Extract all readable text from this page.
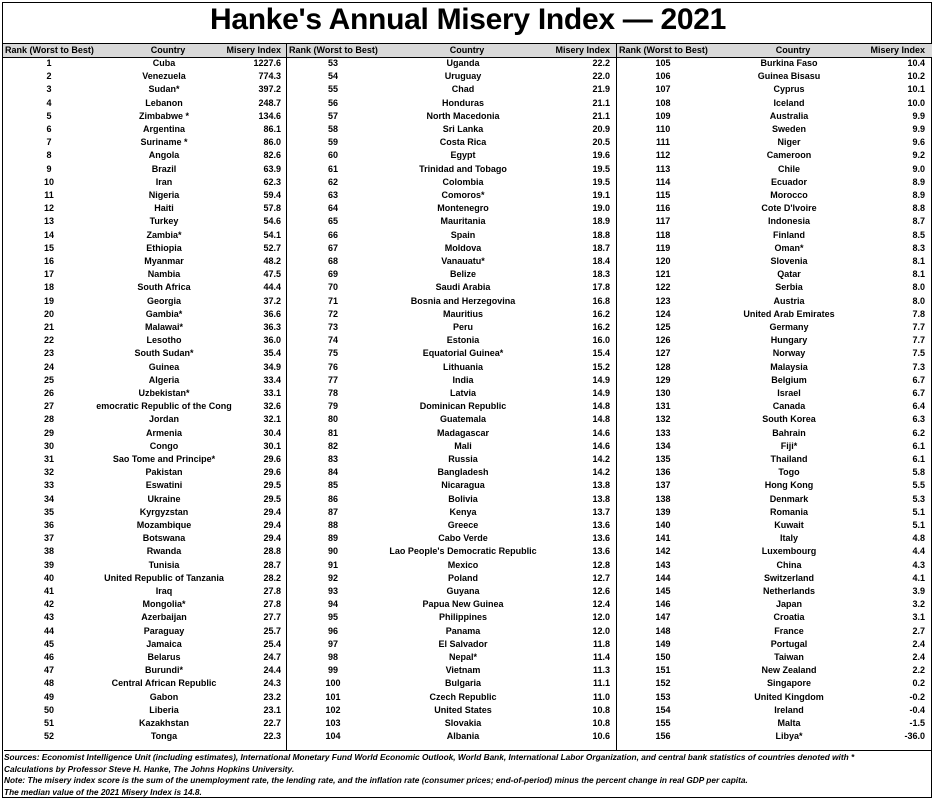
Hanke's Annual Misery Index — 2021
1	Cuba	1227.6
2	Venezuela	774.3
3	Sudan*	397.2
4	Lebanon	248.7
5	Zimbabwe *	134.6
6	Argentina	86.1
7	Suriname *	86.0
8	Angola	82.6
9	Brazil	63.9
10	Iran	62.3
11	Nigeria	59.4
12	Haiti	57.8
13	Turkey	54.6
14	Zambia*	54.1
15	Ethiopia	52.7
16	Myanmar	48.2
17	Nambia	47.5
18	South Africa	44.4
19	Georgia	37.2
20	Gambia*	36.6
21	Malawai*	36.3
22	Lesotho	36.0
23	South Sudan*	35.4
24	Guinea	34.9
25	Algeria	33.4
26	Uzbekistan*	33.1
27	emocratic Republic of the Cong	32.6
28	Jordan	32.1
29	Armenia	30.4
30	Congo	30.1
31	Sao Tome and Principe*	29.6
32	Pakistan	29.6
33	Eswatini	29.5
34	Ukraine	29.5
35	Kyrgyzstan	29.4
36	Mozambique	29.4
37	Botswana	29.4
38	Rwanda	28.8
39	Tunisia	28.7
40	United Republic of Tanzania	28.2
41	Iraq	27.8
42	Mongolia*	27.8
43	Azerbaijan	27.7
44	Paraguay	25.7
45	Jamaica	25.4
46	Belarus	24.7
47	Burundi*	24.4
48	Central African Republic	24.3
49	Gabon	23.2
50	Liberia	23.1
51	Kazakhstan	22.7
52	Tonga	22.3
53	Uganda	22.2
54	Uruguay	22.0
55	Chad	21.9
56	Honduras	21.1
57	North Macedonia	21.1
58	Sri Lanka	20.9
59	Costa Rica	20.5
60	Egypt	19.6
61	Trinidad and Tobago	19.5
62	Colombia	19.5
63	Comoros*	19.1
64	Montenegro	19.0
65	Mauritania	18.9
66	Spain	18.8
67	Moldova	18.7
68	Vanauatu*	18.4
69	Belize	18.3
70	Saudi Arabia	17.8
71	Bosnia and Herzegovina	16.8
72	Mauritius	16.2
73	Peru	16.2
74	Estonia	16.0
75	Equatorial Guinea*	15.4
76	Lithuania	15.2
77	India	14.9
78	Latvia	14.9
79	Dominican Republic	14.8
80	Guatemala	14.8
81	Madagascar	14.6
82	Mali	14.6
83	Russia	14.2
84	Bangladesh	14.2
85	Nicaragua	13.8
86	Bolivia	13.8
87	Kenya	13.7
88	Greece	13.6
89	Cabo Verde	13.6
90	Lao People's Democratic Republic	13.6
91	Mexico	12.8
92	Poland	12.7
93	Guyana	12.6
94	Papua New Guinea	12.4
95	Philippines	12.0
96	Panama	12.0
97	El Salvador	11.8
98	Nepal*	11.4
99	Vietnam	11.3
100	Bulgaria	11.1
101	Czech Republic	11.0
102	United States	10.8
103	Slovakia	10.8
104	Albania	10.6
105	Burkina Faso	10.4
106	Guinea Bisasu	10.2
107	Cyprus	10.1
108	Iceland	10.0
109	Australia	9.9
110	Sweden	9.9
111	Niger	9.6
112	Cameroon	9.2
113	Chile	9.0
114	Ecuador	8.9
115	Morocco	8.9
116	Cote D'Ivoire	8.8
117	Indonesia	8.7
118	Finland	8.5
119	Oman*	8.3
120	Slovenia	8.1
121	Qatar	8.1
122	Serbia	8.0
123	Austria	8.0
124	United Arab Emirates	7.8
125	Germany	7.7
126	Hungary	7.7
127	Norway	7.5
128	Malaysia	7.3
129	Belgium	6.7
130	Israel	6.7
131	Canada	6.4
132	South Korea	6.3
133	Bahrain	6.2
134	Fiji*	6.1
135	Thailand	6.1
136	Togo	5.8
137	Hong Kong	5.5
138	Denmark	5.3
139	Romania	5.1
140	Kuwait	5.1
141	Italy	4.8
142	Luxembourg	4.4
143	China	4.3
144	Switzerland	4.1
145	Netherlands	3.9
146	Japan	3.2
147	Croatia	3.1
148	France	2.7
149	Portugal	2.4
150	Taiwan	2.4
151	New Zealand	2.2
152	Singapore	0.2
153	United Kingdom	-0.2
154	Ireland	-0.4
155	Malta	-1.5
156	Libya*	-36.0
Sources: Economist Intelligence Unit (including estimates), International Monetary Fund World Economic Outlook, World Bank, International Labor Organization, and central bank statistics of countries denoted with *
Calculations by Professor Steve H. Hanke, The Johns Hopkins University.
Note: The misery index score is the sum of the unemployment rate, the lending rate, and the inflation rate (consumer prices; end-of-period) minus the percent change in real GDP per capita.
The median value of the 2021 Misery Index is 14.8.
Rank (Worst to Best)	Country	Misery Index Rank (Worst to Best)	Country	Misery Index Rank (Worst to Best)	Country	Misery Index
